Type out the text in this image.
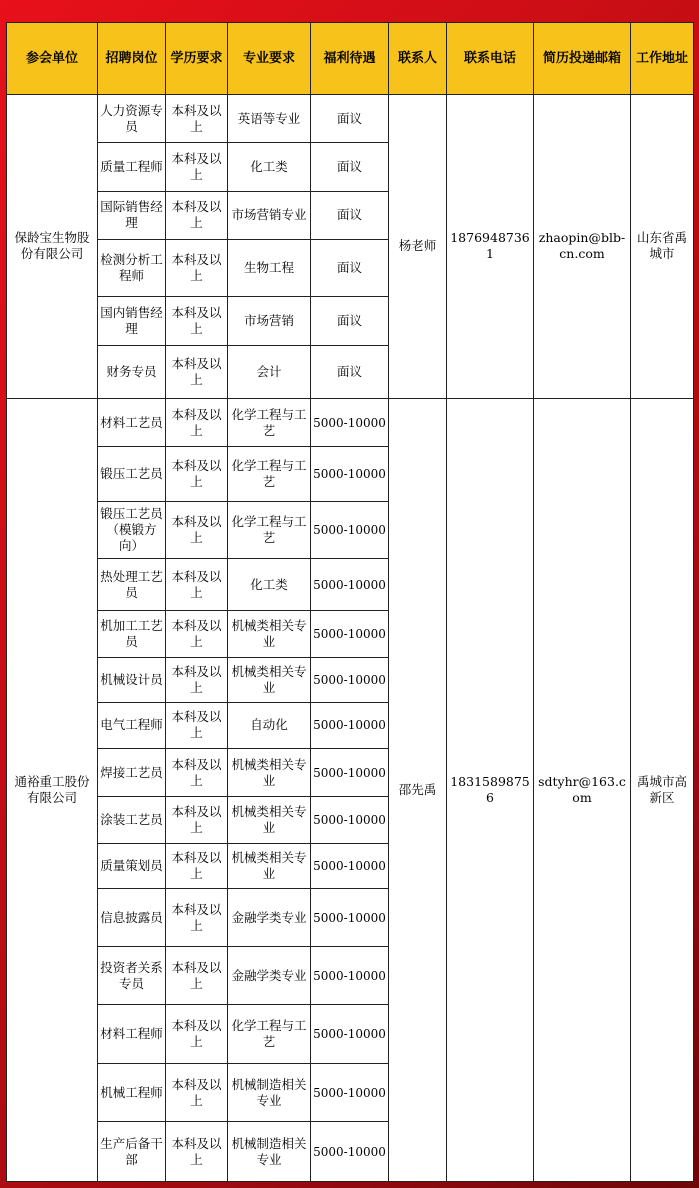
参会单位	招聘岗位	学历要求	专业要求	福利待遇	联系人	联系电话	简历投递邮箱	工作地址
保龄宝生物股份有限公司	人力资源专员	本科及以上	英语等专业	面议	杨老师	18769487361	zhaopin@blb-cn.com	山东省禹城市
	质量工程师	本科及以上	化工类	面议				
	国际销售经理	本科及以上	市场营销专业	面议				
	检测分析工程师	本科及以上	生物工程	面议				
	国内销售经理	本科及以上	市场营销	面议				
	财务专员	本科及以上	会计	面议				
通裕重工股份有限公司	材料工艺员	本科及以上	化学工程与工艺	5000-10000	邵先禹	18315898756	sdtyhr@163.com	禹城市高新区
	锻压工艺员	本科及以上	化学工程与工艺	5000-10000				
	锻压工艺员（模锻方向）	本科及以上	化学工程与工艺	5000-10000				
	热处理工艺员	本科及以上	化工类	5000-10000				
	机加工工艺员	本科及以上	机械类相关专业	5000-10000				
	机械设计员	本科及以上	机械类相关专业	5000-10000				
	电气工程师	本科及以上	自动化	5000-10000				
	焊接工艺员	本科及以上	机械类相关专业	5000-10000				
	涂装工艺员	本科及以上	机械类相关专业	5000-10000				
	质量策划员	本科及以上	机械类相关专业	5000-10000				
	信息披露员	本科及以上	金融学类专业	5000-10000				
	投资者关系专员	本科及以上	金融学类专业	5000-10000				
	材料工程师	本科及以上	化学工程与工艺	5000-10000				
	机械工程师	本科及以上	机械制造相关专业	5000-10000				
	生产后备干部	本科及以上	机械制造相关专业	5000-10000				
